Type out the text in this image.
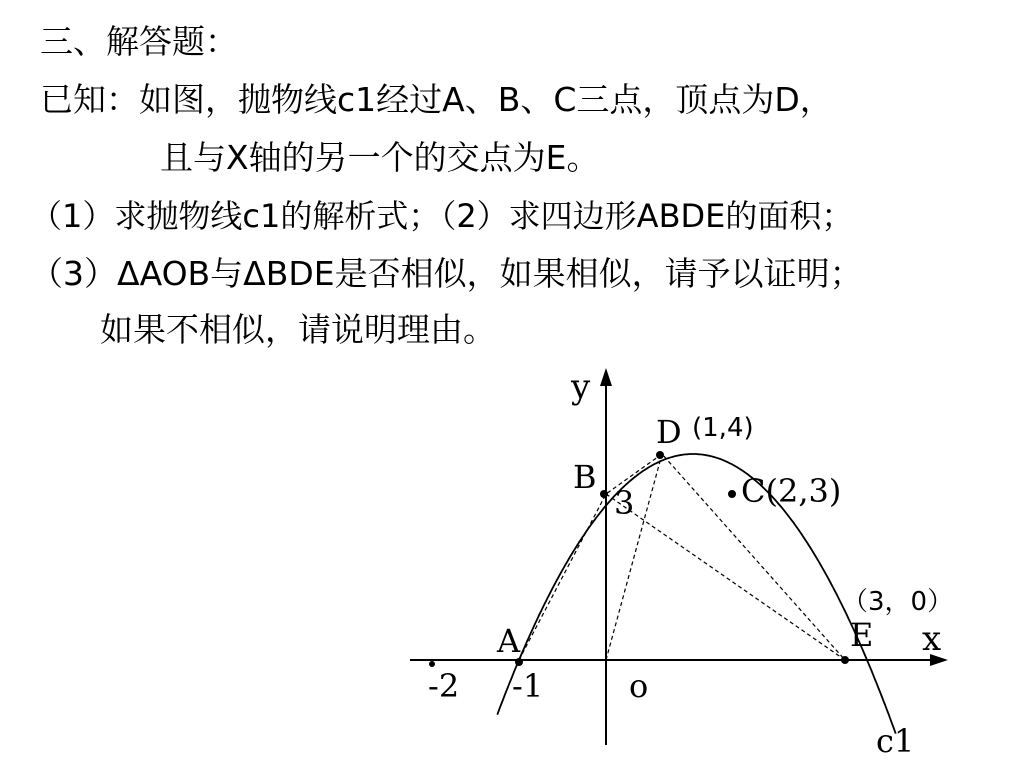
三、解答题：
已知：如图，抛物线c1经过A、B、C三点，顶点为D，
且与X轴的另一个的交点为E。
（1）求抛物线c1的解析式；（2）求四边形ABDE的面积；
（3）ΔAOB与ΔBDE是否相似，如果相似，请予以证明；
如果不相似，请说明理由。
y
x
o
c1
-2 -1
3
A
B	C(2,3)
D (1,4)
E
（3，0）
